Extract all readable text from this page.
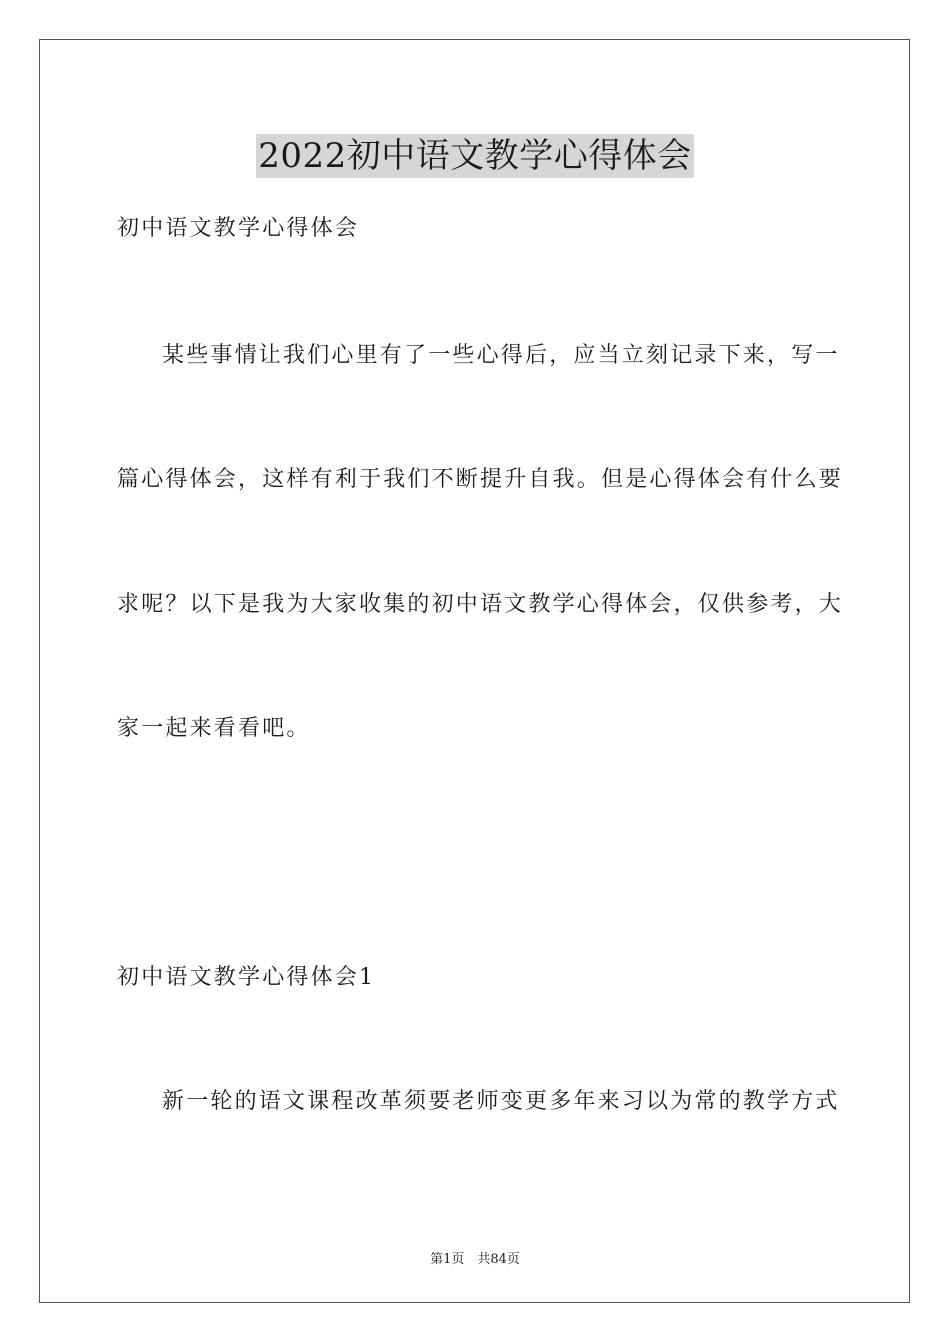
2022初中语文教学心得体会
初中语文教学心得体会
某些事情让我们心里有了一些心得后，应当立刻记录下来，写一
篇心得体会，这样有利于我们不断提升自我。但是心得体会有什么要
求呢？以下是我为大家收集的初中语文教学心得体会，仅供参考，大
家一起来看看吧。
初中语文教学心得体会1
新一轮的语文课程改革须要老师变更多年来习以为常的教学方式
第1页　共84页
